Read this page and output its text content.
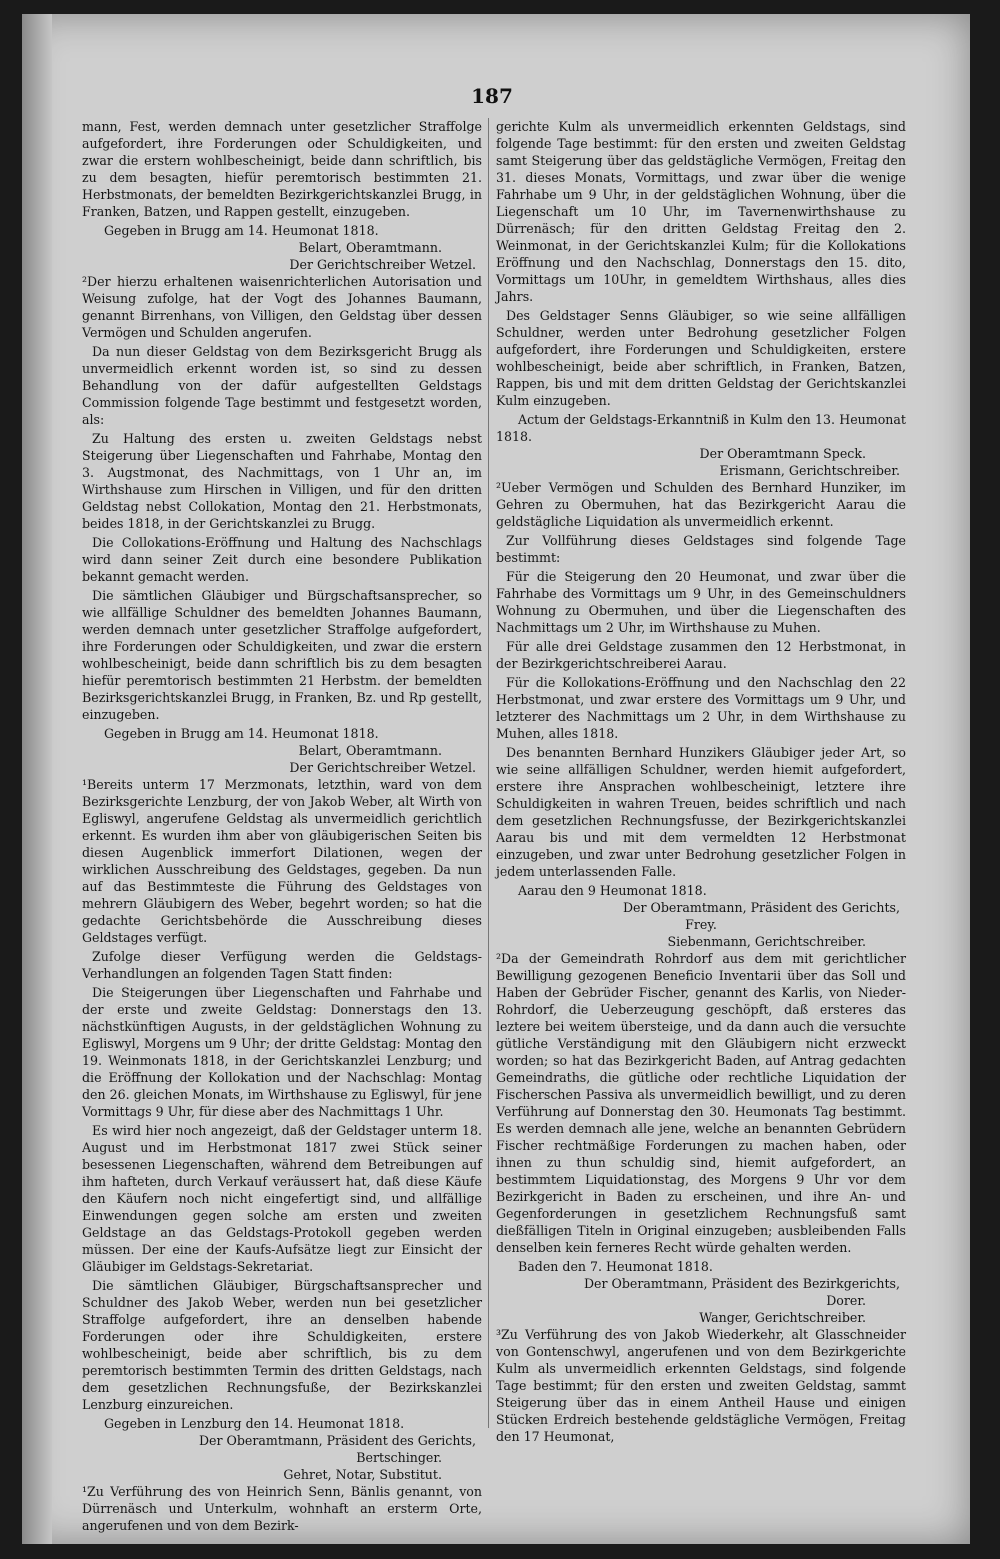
187

mann, Fest, werden demnach unter gesetzlicher Straffolge aufgefordert, ihre Forderungen oder Schuldigkeiten, und zwar die erstern wohlbescheinigt, beide dann schriftlich, bis zu dem besagten, hiefür peremtorisch bestimmten 21. Herbstmonats, der bemeldten Bezirkgerichtskanzlei Brugg, in Franken, Batzen, und Rappen gestellt, einzugeben.

Gegeben in Brugg am 14. Heumonat 1818.

Belart, Oberamtmann.

Der Gerichtschreiber Wetzel.

²Der hierzu erhaltenen waisenrichterlichen Autorisation und Weisung zufolge, hat der Vogt des Johannes Baumann, genannt Birrenhans, von Villigen, den Geldstag über dessen Vermögen und Schulden angerufen.

Da nun dieser Geldstag von dem Bezirksgericht Brugg als unvermeidlich erkennt worden ist, so sind zu dessen Behandlung von der dafür aufgestellten Geldstags Commission folgende Tage bestimmt und festgesetzt worden, als:

Zu Haltung des ersten u. zweiten Geldstags nebst Steigerung über Liegenschaften und Fahrhabe, Montag den 3. Augstmonat, des Nachmittags, von 1 Uhr an, im Wirthshause zum Hirschen in Villigen, und für den dritten Geldstag nebst Collokation, Montag den 21. Herbstmonats, beides 1818, in der Gerichtskanzlei zu Brugg.

Die Collokations-Eröffnung und Haltung des Nachschlags wird dann seiner Zeit durch eine besondere Publikation bekannt gemacht werden.

Die sämtlichen Gläubiger und Bürgschaftsansprecher, so wie allfällige Schuldner des bemeldten Johannes Baumann, werden demnach unter gesetzlicher Straffolge aufgefordert, ihre Forderungen oder Schuldigkeiten, und zwar die erstern wohlbescheinigt, beide dann schriftlich bis zu dem besagten hiefür peremtorisch bestimmten 21 Herbstm. der bemeldten Bezirksgerichtskanzlei Brugg, in Franken, Bz. und Rp gestellt, einzugeben.

Gegeben in Brugg am 14. Heumonat 1818.

Belart, Oberamtmann.

Der Gerichtschreiber Wetzel.

¹Bereits unterm 17 Merzmonats, letzthin, ward von dem Bezirksgerichte Lenzburg, der von Jakob Weber, alt Wirth von Egliswyl, angerufene Geldstag als unvermeidlich gerichtlich erkennt. Es wurden ihm aber von gläubigerischen Seiten bis diesen Augenblick immerfort Dilationen, wegen der wirklichen Ausschreibung des Geldstages, gegeben. Da nun auf das Bestimmteste die Führung des Geldstages von mehrern Gläubigern des Weber, begehrt worden; so hat die gedachte Gerichtsbehörde die Ausschreibung dieses Geldstages verfügt.

Zufolge dieser Verfügung werden die Geldstags-Verhandlungen an folgenden Tagen Statt finden:

Die Steigerungen über Liegenschaften und Fahrhabe und der erste und zweite Geldstag: Donnerstags den 13. nächstkünftigen Augusts, in der geldstäglichen Wohnung zu Egliswyl, Morgens um 9 Uhr; der dritte Geldstag: Montag den 19. Weinmonats 1818, in der Gerichtskanzlei Lenzburg; und die Eröffnung der Kollokation und der Nachschlag: Montag den 26. gleichen Monats, im Wirthshause zu Egliswyl, für jene Vormittags 9 Uhr, für diese aber des Nachmittags 1 Uhr.

Es wird hier noch angezeigt, daß der Geldstager unterm 18. August und im Herbstmonat 1817 zwei Stück seiner besessenen Liegenschaften, während dem Betreibungen auf ihm hafteten, durch Verkauf veräussert hat, daß diese Käufe den Käufern noch nicht eingefertigt sind, und allfällige Einwendungen gegen solche am ersten und zweiten Geldstage an das Geldstags-Protokoll gegeben werden müssen. Der eine der Kaufs-Aufsätze liegt zur Einsicht der Gläubiger im Geldstags-Sekretariat.

Die sämtlichen Gläubiger, Bürgschaftsansprecher und Schuldner des Jakob Weber, werden nun bei gesetzlicher Straffolge aufgefordert, ihre an denselben habende Forderungen oder ihre Schuldigkeiten, erstere wohlbescheinigt, beide aber schriftlich, bis zu dem peremtorisch bestimmten Termin des dritten Geldstags, nach dem gesetzlichen Rechnungsfuße, der Bezirkskanzlei Lenzburg einzureichen.

Gegeben in Lenzburg den 14. Heumonat 1818.

Der Oberamtmann, Präsident des Gerichts,

Bertschinger.

Gehret, Notar, Substitut.

¹Zu Verführung des von Heinrich Senn, Bänlis genannt, von Dürrenäsch und Unterkulm, wohnhaft an ersterm Orte, angerufenen und von dem Bezirk-

gerichte Kulm als unvermeidlich erkennten Geldstags, sind folgende Tage bestimmt: für den ersten und zweiten Geldstag samt Steigerung über das geldstägliche Vermögen, Freitag den 31. dieses Monats, Vormittags, und zwar über die wenige Fahrhabe um 9 Uhr, in der geldstäglichen Wohnung, über die Liegenschaft um 10 Uhr, im Tavernenwirthshause zu Dürrenäsch; für den dritten Geldstag Freitag den 2. Weinmonat, in der Gerichtskanzlei Kulm; für die Kollokations Eröffnung und den Nachschlag, Donnerstags den 15. dito, Vormittags um 10Uhr, in gemeldtem Wirthshaus, alles dies Jahrs.

Des Geldstager Senns Gläubiger, so wie seine allfälligen Schuldner, werden unter Bedrohung gesetzlicher Folgen aufgefordert, ihre Forderungen und Schuldigkeiten, erstere wohlbescheinigt, beide aber schriftlich, in Franken, Batzen, Rappen, bis und mit dem dritten Geldstag der Gerichtskanzlei Kulm einzugeben.

Actum der Geldstags-Erkanntniß in Kulm den 13. Heumonat 1818.

Der Oberamtmann Speck.

Erismann, Gerichtschreiber.

²Ueber Vermögen und Schulden des Bernhard Hunziker, im Gehren zu Obermuhen, hat das Bezirkgericht Aarau die geldstägliche Liquidation als unvermeidlich erkennt.

Zur Vollführung dieses Geldstages sind folgende Tage bestimmt:

Für die Steigerung den 20 Heumonat, und zwar über die Fahrhabe des Vormittags um 9 Uhr, in des Gemeinschuldners Wohnung zu Obermuhen, und über die Liegenschaften des Nachmittags um 2 Uhr, im Wirthshause zu Muhen.

Für alle drei Geldstage zusammen den 12 Herbstmonat, in der Bezirkgerichtschreiberei Aarau.

Für die Kollokations-Eröffnung und den Nachschlag den 22 Herbstmonat, und zwar erstere des Vormittags um 9 Uhr, und letzterer des Nachmittags um 2 Uhr, in dem Wirthshause zu Muhen, alles 1818.

Des benannten Bernhard Hunzikers Gläubiger jeder Art, so wie seine allfälligen Schuldner, werden hiemit aufgefordert, erstere ihre Ansprachen wohlbescheinigt, letztere ihre Schuldigkeiten in wahren Treuen, beides schriftlich und nach dem gesetzlichen Rechnungsfusse, der Bezirkgerichtskanzlei Aarau bis und mit dem vermeldten 12 Herbstmonat einzugeben, und zwar unter Bedrohung gesetzlicher Folgen in jedem unterlassenden Falle.

Aarau den 9 Heumonat 1818.

Der Oberamtmann, Präsident des Gerichts,

Frey.

Siebenmann, Gerichtschreiber.

²Da der Gemeindrath Rohrdorf aus dem mit gerichtlicher Bewilligung gezogenen Beneficio Inventarii über das Soll und Haben der Gebrüder Fischer, genannt des Karlis, von Nieder-Rohrdorf, die Ueberzeugung geschöpft, daß ersteres das leztere bei weitem übersteige, und da dann auch die versuchte gütliche Verständigung mit den Gläubigern nicht erzweckt worden; so hat das Bezirkgericht Baden, auf Antrag gedachten Gemeindraths, die gütliche oder rechtliche Liquidation der Fischerschen Passiva als unvermeidlich bewilligt, und zu deren Verführung auf Donnerstag den 30. Heumonats Tag bestimmt. Es werden demnach alle jene, welche an benannten Gebrüdern Fischer rechtmäßige Forderungen zu machen haben, oder ihnen zu thun schuldig sind, hiemit aufgefordert, an bestimmtem Liquidationstag, des Morgens 9 Uhr vor dem Bezirkgericht in Baden zu erscheinen, und ihre An- und Gegenforderungen in gesetzlichem Rechnungsfuß samt dießfälligen Titeln in Original einzugeben; ausbleibenden Falls denselben kein ferneres Recht würde gehalten werden.

Baden den 7. Heumonat 1818.

Der Oberamtmann, Präsident des Bezirkgerichts,

Dorer.

Wanger, Gerichtschreiber.

³Zu Verführung des von Jakob Wiederkehr, alt Glasschneider von Gontenschwyl, angerufenen und von dem Bezirkgerichte Kulm als unvermeidlich erkennten Geldstags, sind folgende Tage bestimmt; für den ersten und zweiten Geldstag, sammt Steigerung über das in einem Antheil Hause und einigen Stücken Erdreich bestehende geldstägliche Vermögen, Freitag den 17 Heumonat,
